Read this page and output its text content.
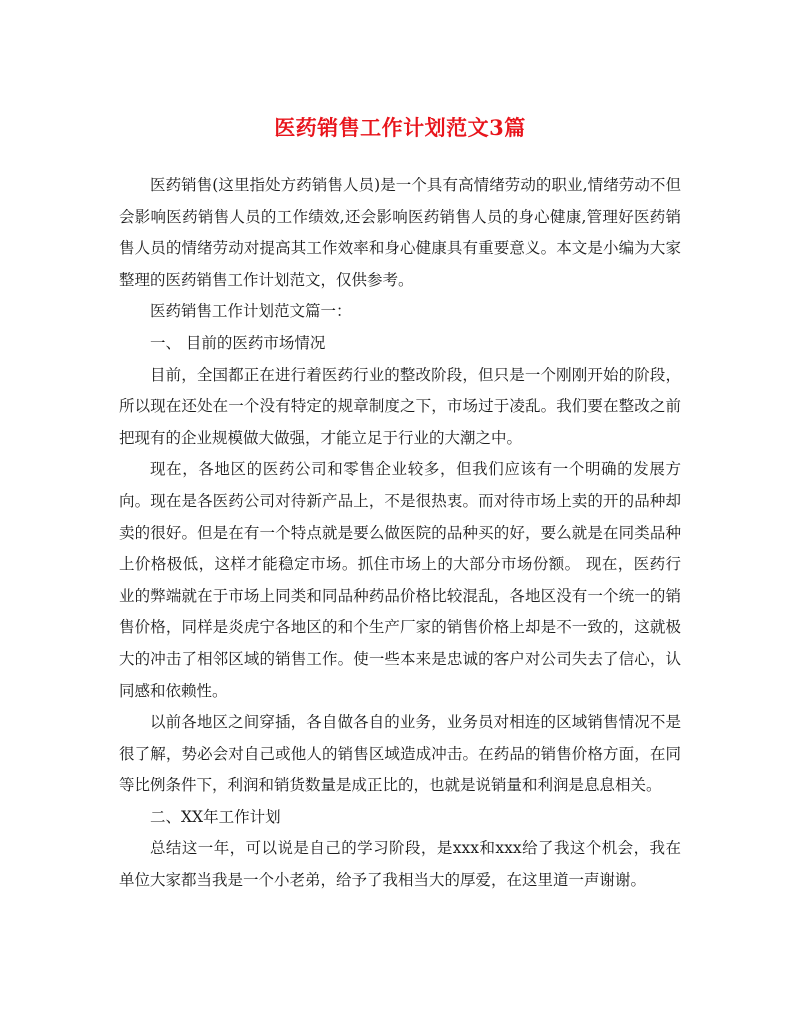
医药销售工作计划范文3篇

医药销售(这里指处方药销售人员)是一个具有高情绪劳动的职业,情绪劳动不但会影响医药销售人员的工作绩效,还会影响医药销售人员的身心健康,管理好医药销售人员的情绪劳动对提高其工作效率和身心健康具有重要意义。本文是小编为大家整理的医药销售工作计划范文，仅供参考。

医药销售工作计划范文篇一：

一、 目前的医药市场情况

目前，全国都正在进行着医药行业的整改阶段，但只是一个刚刚开始的阶段，所以现在还处在一个没有特定的规章制度之下，市场过于凌乱。我们要在整改之前把现有的企业规模做大做强，才能立足于行业的大潮之中。

现在，各地区的医药公司和零售企业较多，但我们应该有一个明确的发展方向。现在是各医药公司对待新产品上，不是很热衷。而对待市场上卖的开的品种却卖的很好。但是在有一个特点就是要么做医院的品种买的好，要么就是在同类品种上价格极低，这样才能稳定市场。抓住市场上的大部分市场份额。 现在，医药行业的弊端就在于市场上同类和同品种药品价格比较混乱，各地区没有一个统一的销售价格，同样是炎虎宁各地区的和个生产厂家的销售价格上却是不一致的，这就极大的冲击了相邻区域的销售工作。使一些本来是忠诚的客户对公司失去了信心，认同感和依赖性。

以前各地区之间穿插，各自做各自的业务，业务员对相连的区域销售情况不是很了解，势必会对自己或他人的销售区域造成冲击。在药品的销售价格方面，在同等比例条件下，利润和销货数量是成正比的，也就是说销量和利润是息息相关。

二、XX年工作计划

总结这一年，可以说是自己的学习阶段，是xxx和xxx给了我这个机会，我在单位大家都当我是一个小老弟，给予了我相当大的厚爱，在这里道一声谢谢。
